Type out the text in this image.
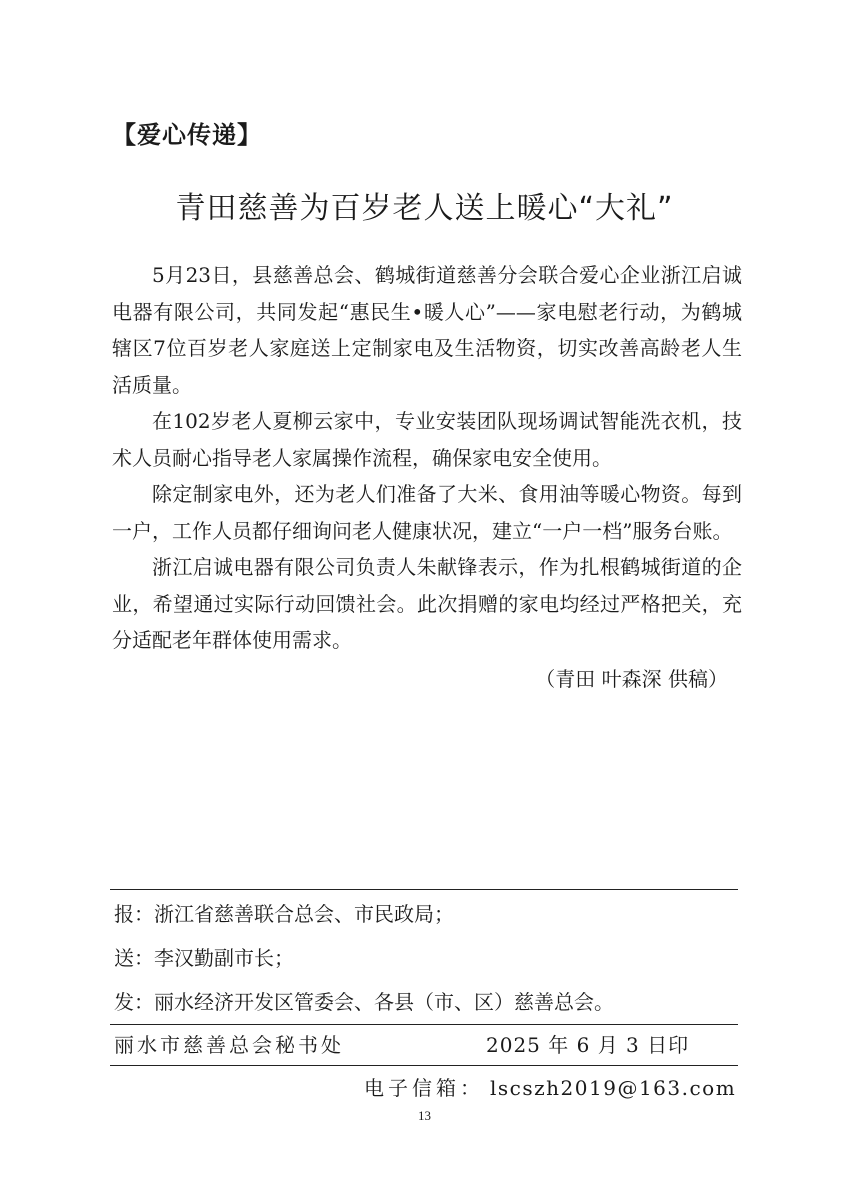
【爱心传递】
青田慈善为百岁老人送上暖心“大礼”

5月23日，县慈善总会、鹤城街道慈善分会联合爱心企业浙江启诚电器有限公司，共同发起“惠民生•暖人心”——家电慰老行动，为鹤城辖区7位百岁老人家庭送上定制家电及生活物资，切实改善高龄老人生活质量。

在102岁老人夏柳云家中，专业安装团队现场调试智能洗衣机，技术人员耐心指导老人家属操作流程，确保家电安全使用。

除定制家电外，还为老人们准备了大米、食用油等暖心物资。每到一户，工作人员都仔细询问老人健康状况，建立“一户一档”服务台账。

浙江启诚电器有限公司负责人朱献锋表示，作为扎根鹤城街道的企业，希望通过实际行动回馈社会。此次捐赠的家电均经过严格把关，充分适配老年群体使用需求。

（青田 叶森深 供稿）
报：浙江省慈善联合总会、市民政局；
送：李汉勤副市长；
发：丽水经济开发区管委会、各县（市、区）慈善总会。
丽水市慈善总会秘书处	2025 年 6 月 3 日印
电子信箱： lscszh2019@163.com
13
